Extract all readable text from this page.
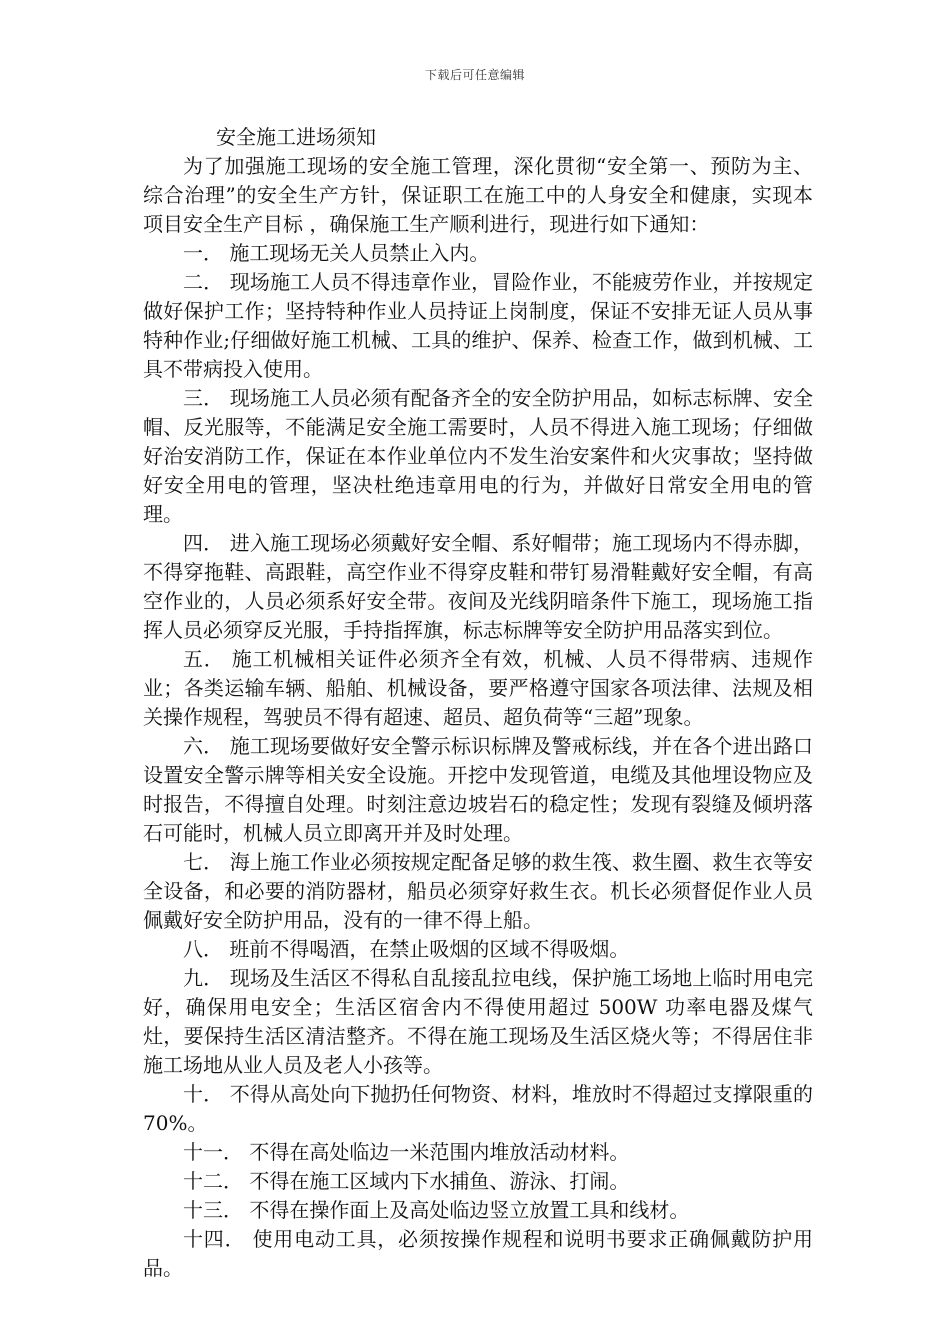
下载后可任意编辑
安全施工进场须知

为了加强施工现场的安全施工管理，深化贯彻“安全第一、预防为主、综合治理”的安全生产方针，保证职工在施工中的人身安全和健康，实现本项目安全生产目标 ，确保施工生产顺利进行，现进行如下通知：

一． 施工现场无关人员禁止入内。

二． 现场施工人员不得违章作业，冒险作业，不能疲劳作业，并按规定做好保护工作；坚持特种作业人员持证上岗制度，保证不安排无证人员从事特种作业;仔细做好施工机械、工具的维护、保养、检查工作，做到机械、工具不带病投入使用。

三． 现场施工人员必须有配备齐全的安全防护用品，如标志标牌、安全帽、反光服等，不能满足安全施工需要时，人员不得进入施工现场；仔细做好治安消防工作，保证在本作业单位内不发生治安案件和火灾事故；坚持做好安全用电的管理，坚决杜绝违章用电的行为，并做好日常安全用电的管理。

四． 进入施工现场必须戴好安全帽、系好帽带；施工现场内不得赤脚，不得穿拖鞋、高跟鞋，高空作业不得穿皮鞋和带钉易滑鞋戴好安全帽，有高空作业的，人员必须系好安全带。夜间及光线阴暗条件下施工，现场施工指挥人员必须穿反光服，手持指挥旗，标志标牌等安全防护用品落实到位。

五． 施工机械相关证件必须齐全有效，机械、人员不得带病、违规作业；各类运输车辆、船舶、机械设备，要严格遵守国家各项法律、法规及相关操作规程，驾驶员不得有超速、超员、超负荷等“三超”现象。

六． 施工现场要做好安全警示标识标牌及警戒标线，并在各个进出路口设置安全警示牌等相关安全设施。开挖中发现管道，电缆及其他埋设物应及时报告，不得擅自处理。时刻注意边坡岩石的稳定性；发现有裂缝及倾坍落石可能时，机械人员立即离开并及时处理。

七． 海上施工作业必须按规定配备足够的救生筏、救生圈、救生衣等安全设备，和必要的消防器材，船员必须穿好救生衣。机长必须督促作业人员佩戴好安全防护用品，没有的一律不得上船。

八． 班前不得喝酒，在禁止吸烟的区域不得吸烟。

九． 现场及生活区不得私自乱接乱拉电线，保护施工场地上临时用电完好，确保用电安全；生活区宿舍内不得使用超过 500W 功率电器及煤气灶，要保持生活区清洁整齐。不得在施工现场及生活区烧火等；不得居住非施工场地从业人员及老人小孩等。

十． 不得从高处向下抛扔任何物资、材料，堆放时不得超过支撑限重的 70%。

十一． 不得在高处临边一米范围内堆放活动材料。

十二． 不得在施工区域内下水捕鱼、游泳、打闹。

十三． 不得在操作面上及高处临边竖立放置工具和线材。

十四． 使用电动工具，必须按操作规程和说明书要求正确佩戴防护用品。
